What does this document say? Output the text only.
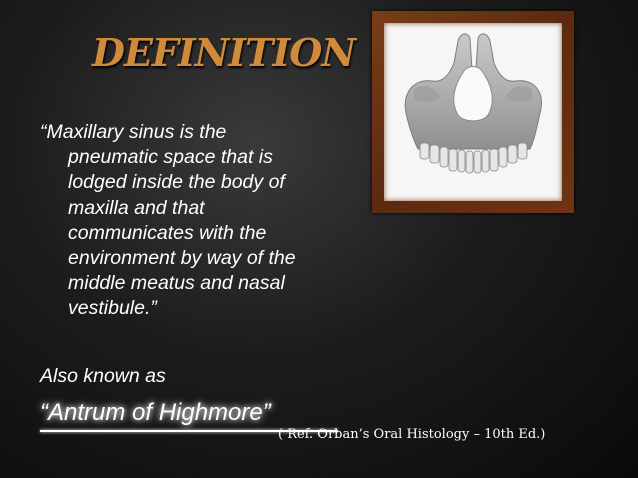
DEFINITION
“Maxillary sinus is the
pneumatic space that is
lodged inside the body of
maxilla and that
communicates with the
environment by way of the
middle meatus and nasal
vestibule.”
Also known as
“Antrum of Highmore”
( Ref. Orban’s Oral Histology – 10th Ed.)
